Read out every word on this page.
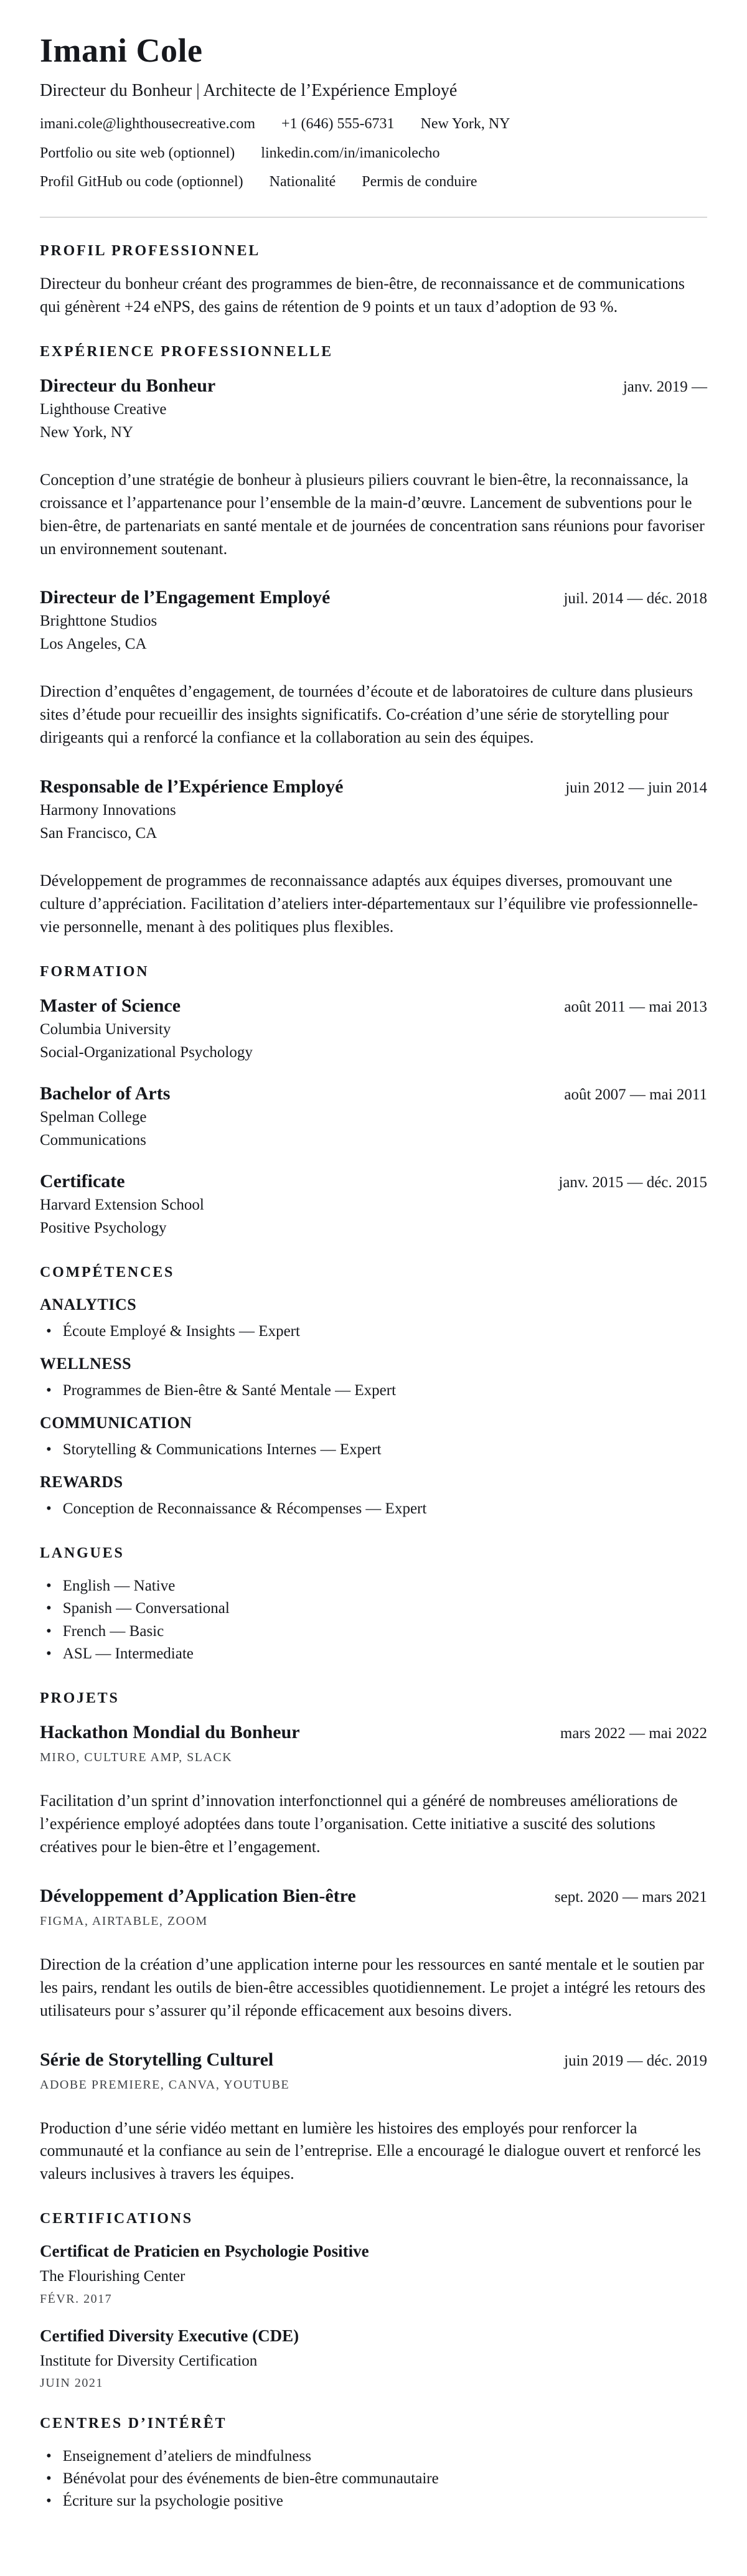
Imani Cole
Directeur du Bonheur | Architecte de l’Expérience Employé
imani.cole@lighthousecreative.com +1 (646) 555-6731 New York, NY
Portfolio ou site web (optionnel) linkedin.com/in/imanicolecho
Profil GitHub ou code (optionnel) Nationalité Permis de conduire
PROFIL PROFESSIONNEL

Directeur du bonheur créant des programmes de bien-être, de reconnaissance et de communications qui génèrent +24 eNPS, des gains de rétention de 9 points et un taux d’adoption de 93 %.

EXPÉRIENCE PROFESSIONNELLE
Directeur du Bonheur	janv. 2019 —
Lighthouse Creative
New York, NY

Conception d’une stratégie de bonheur à plusieurs piliers couvrant le bien-être, la reconnaissance, la croissance et l’appartenance pour l’ensemble de la main-d’œuvre. Lancement de subventions pour le bien-être, de partenariats en santé mentale et de journées de concentration sans réunions pour favoriser un environnement soutenant.

Directeur de l’Engagement Employé	juil. 2014 — déc. 2018
Brighttone Studios
Los Angeles, CA

Direction d’enquêtes d’engagement, de tournées d’écoute et de laboratoires de culture dans plusieurs sites d’étude pour recueillir des insights significatifs. Co-création d’une série de storytelling pour dirigeants qui a renforcé la confiance et la collaboration au sein des équipes.

Responsable de l’Expérience Employé	juin 2012 — juin 2014
Harmony Innovations
San Francisco, CA

Développement de programmes de reconnaissance adaptés aux équipes diverses, promouvant une culture d’appréciation. Facilitation d’ateliers inter-départementaux sur l’équilibre vie professionnelle-vie personnelle, menant à des politiques plus flexibles.

FORMATION
Master of Science	août 2011 — mai 2013
Columbia University
Social-Organizational Psychology
Bachelor of Arts	août 2007 — mai 2011
Spelman College
Communications
Certificate	janv. 2015 — déc. 2015
Harvard Extension School
Positive Psychology
COMPÉTENCES
ANALYTICS
• Écoute Employé & Insights — Expert
WELLNESS
• Programmes de Bien-être & Santé Mentale — Expert
COMMUNICATION
• Storytelling & Communications Internes — Expert
REWARDS
• Conception de Reconnaissance & Récompenses — Expert
LANGUES
• English — Native
• Spanish — Conversational
• French — Basic
• ASL — Intermediate
PROJETS
Hackathon Mondial du Bonheur	mars 2022 — mai 2022
MIRO, CULTURE AMP, SLACK

Facilitation d’un sprint d’innovation interfonctionnel qui a généré de nombreuses améliorations de l’expérience employé adoptées dans toute l’organisation. Cette initiative a suscité des solutions créatives pour le bien-être et l’engagement.

Développement d’Application Bien-être	sept. 2020 — mars 2021
FIGMA, AIRTABLE, ZOOM

Direction de la création d’une application interne pour les ressources en santé mentale et le soutien par les pairs, rendant les outils de bien-être accessibles quotidiennement. Le projet a intégré les retours des utilisateurs pour s’assurer qu’il réponde efficacement aux besoins divers.

Série de Storytelling Culturel	juin 2019 — déc. 2019
ADOBE PREMIERE, CANVA, YOUTUBE

Production d’une série vidéo mettant en lumière les histoires des employés pour renforcer la communauté et la confiance au sein de l’entreprise. Elle a encouragé le dialogue ouvert et renforcé les valeurs inclusives à travers les équipes.

CERTIFICATIONS
Certificat de Praticien en Psychologie Positive
The Flourishing Center
FÉVR. 2017
Certified Diversity Executive (CDE)
Institute for Diversity Certification
JUIN 2021
CENTRES D’INTÉRÊT
• Enseignement d’ateliers de mindfulness
• Bénévolat pour des événements de bien-être communautaire
• Écriture sur la psychologie positive
